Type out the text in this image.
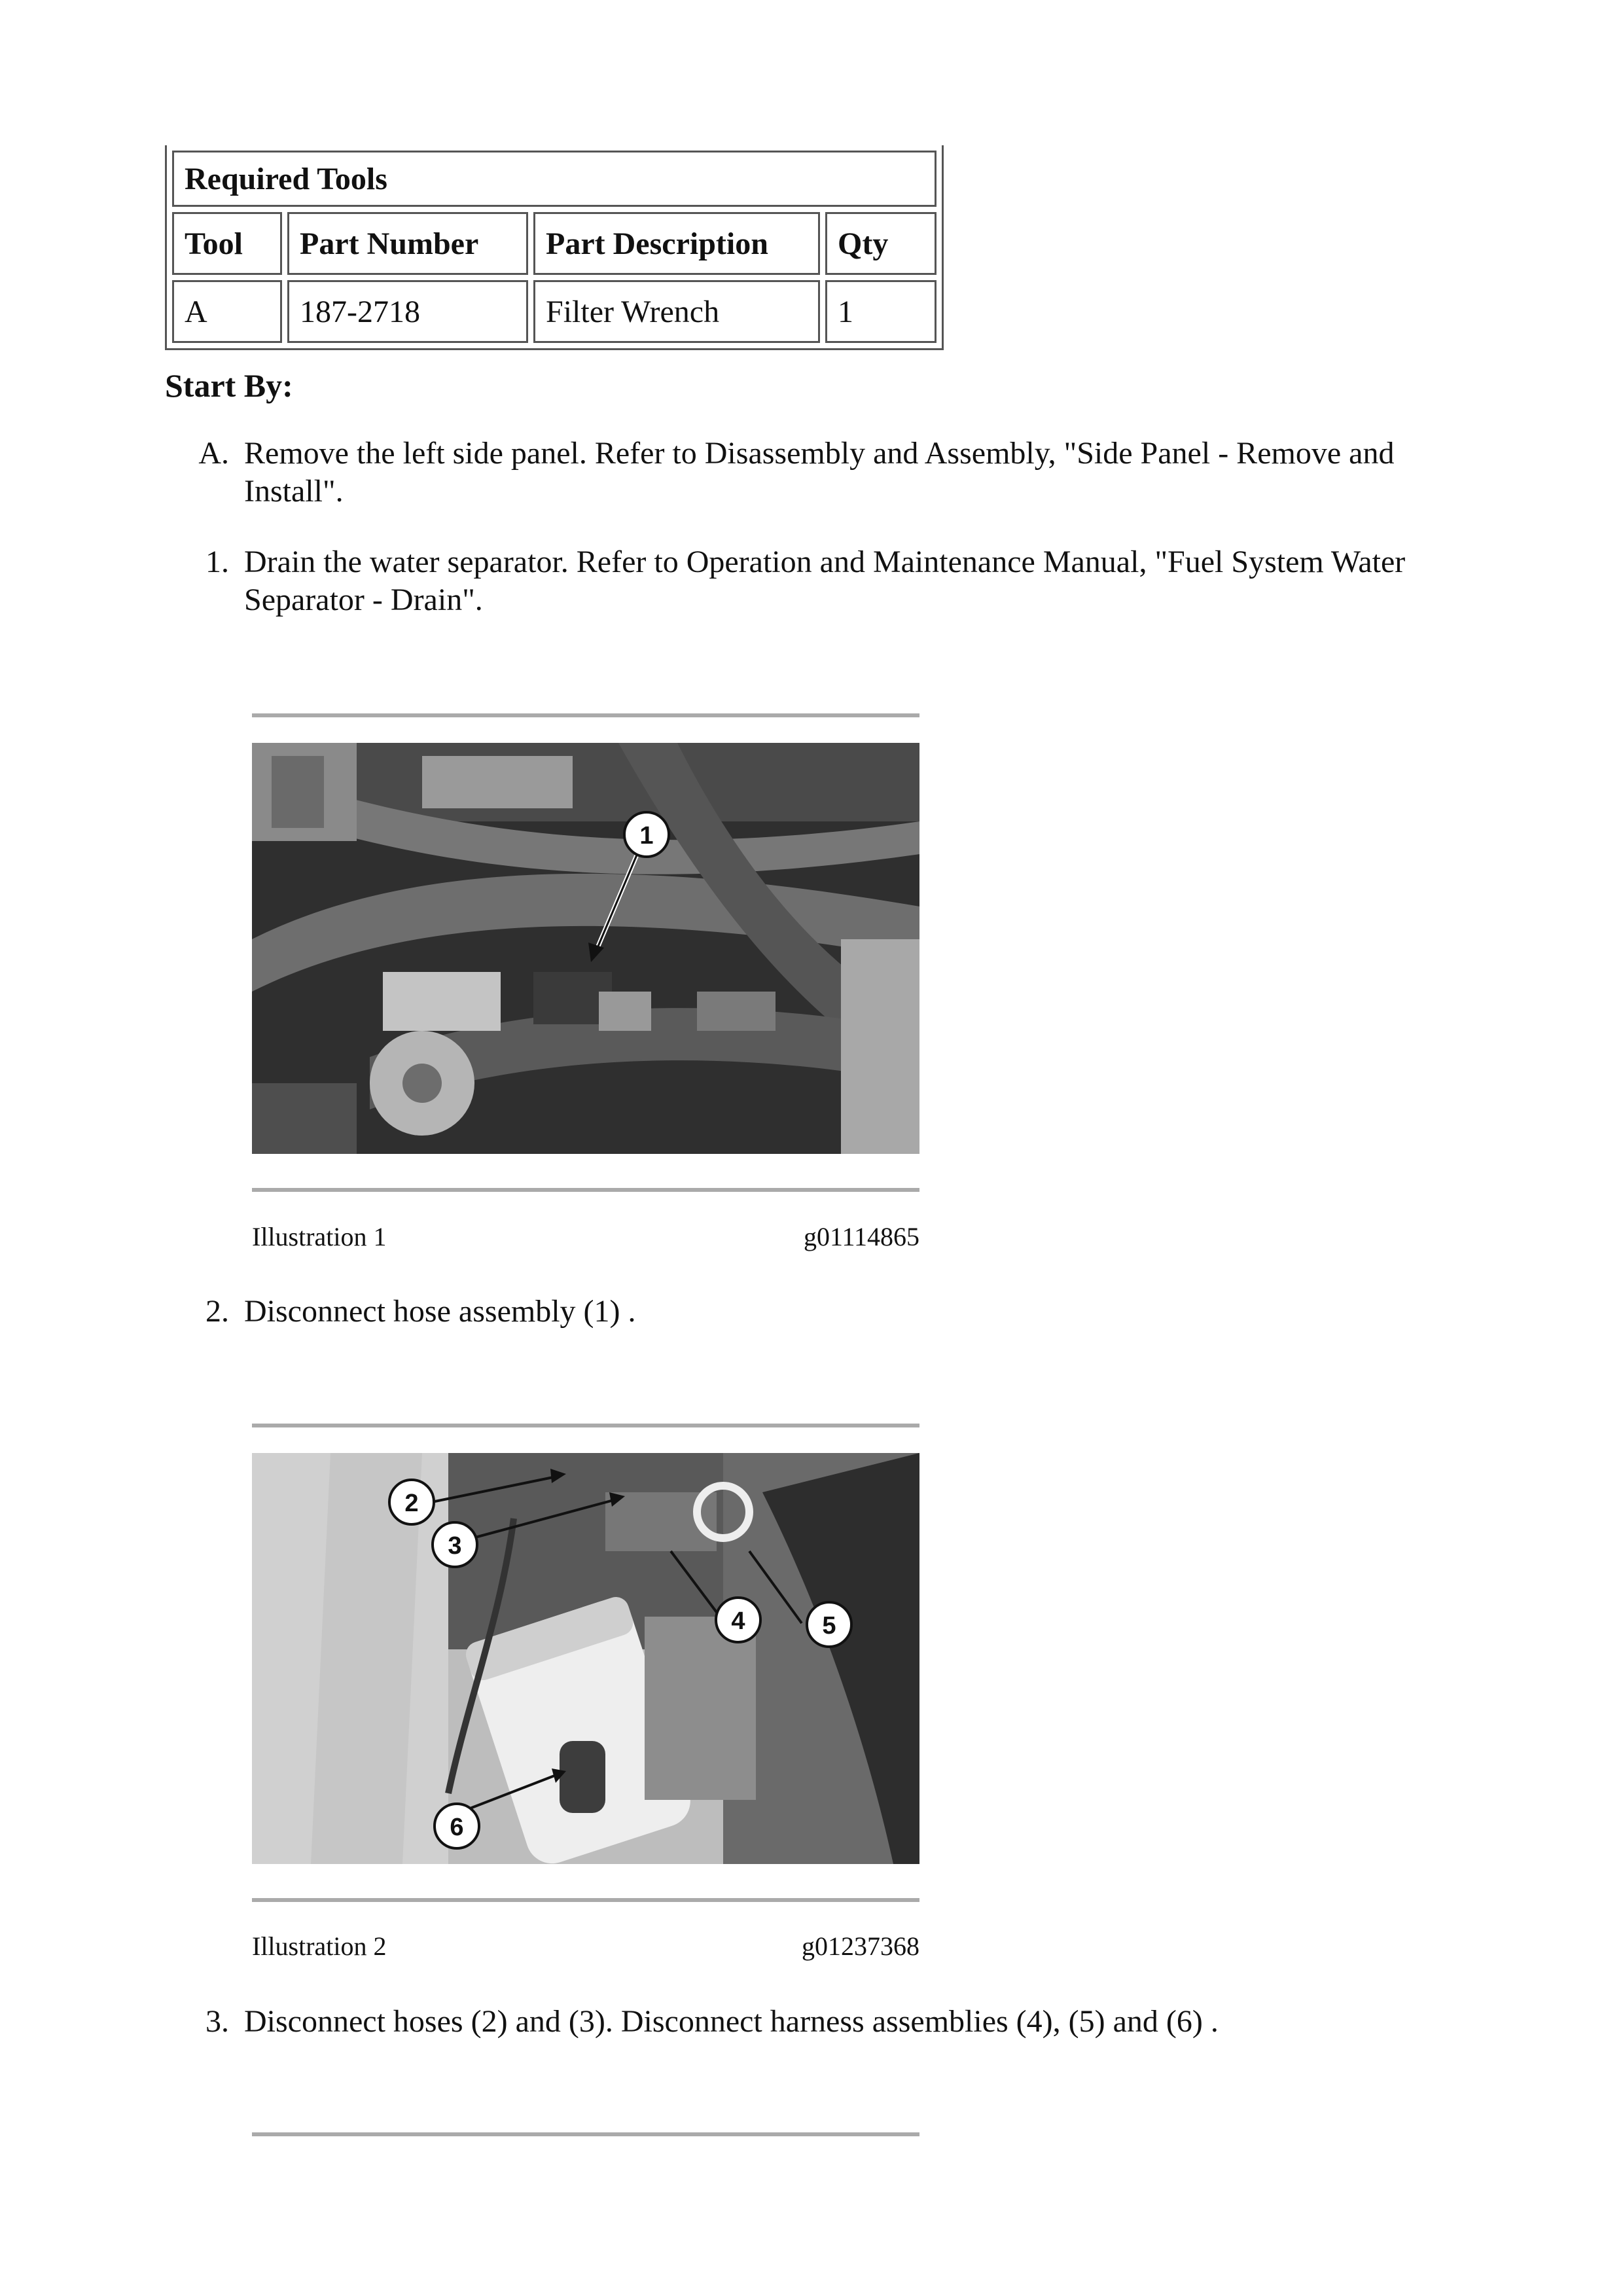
Required Tools			
Tool	Part Number	Part Description	Qty
A	187-2718	Filter Wrench	1
Start By:
A. Remove the left side panel. Refer to Disassembly and Assembly, "Side Panel - Remove and Install".
1. Drain the water separator. Refer to Operation and Maintenance Manual, "Fuel System Water Separator - Drain".
1
Illustration 1	g01114865
2. Disconnect hose assembly (1) .
2
3
4	5
6
Illustration 2	g01237368
3. Disconnect hoses (2) and (3). Disconnect harness assemblies (4), (5) and (6) .
